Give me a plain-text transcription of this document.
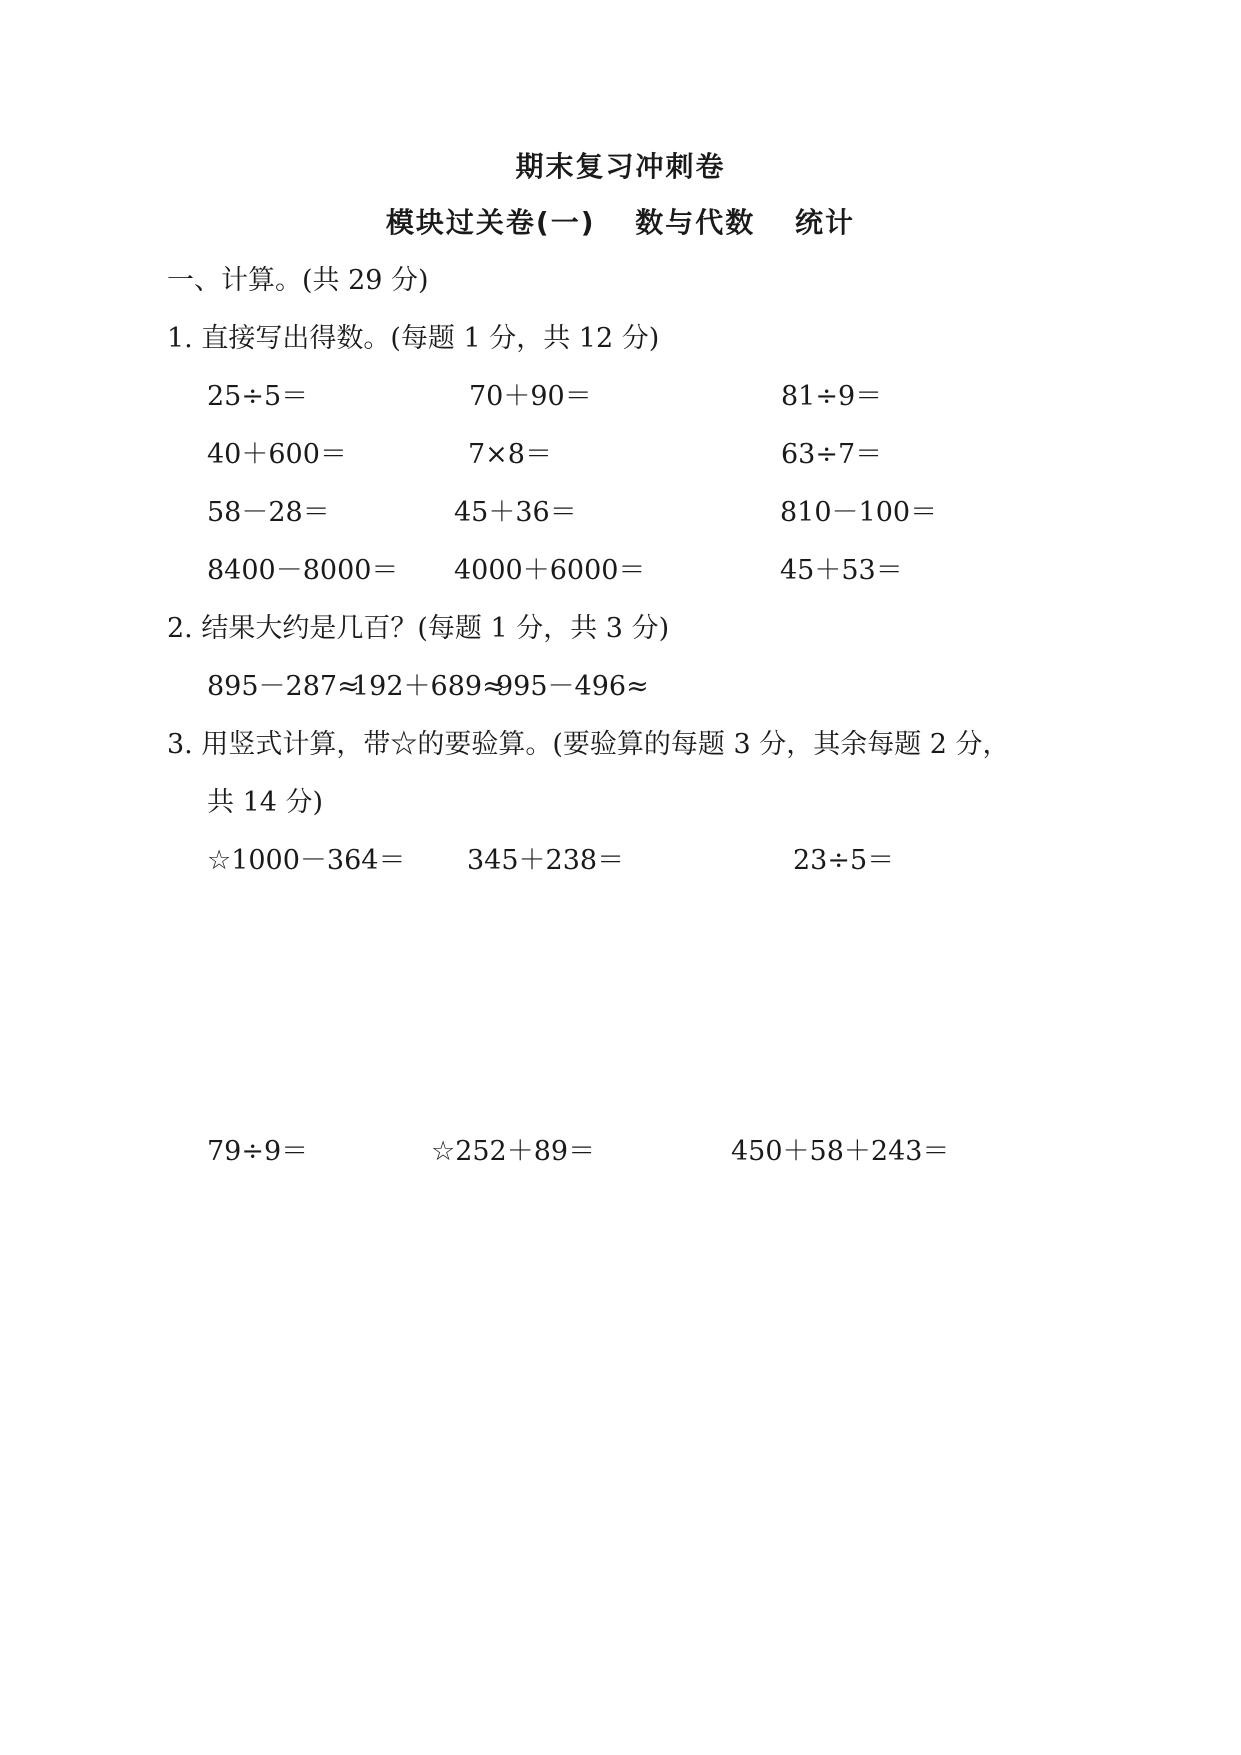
期末复习冲刺卷
模块过关卷(一) 数与代数 统计
一、计算。(共 29 分)
1. 直接写出得数。(每题 1 分，共 12 分)
25÷5＝	70＋90＝	81÷9＝
40＋600＝	7×8＝	63÷7＝
58－28＝	45＋36＝	810－100＝
8400－8000＝ 4000＋6000＝	45＋53＝
2. 结果大约是几百？(每题 1 分，共 3 分)
895－287≈
192＋689≈
995－496≈
3. 用竖式计算，带☆的要验算。(要验算的每题 3 分，其余每题 2 分，
共 14 分)
☆1000－364＝ 345＋238＝	23÷5＝
79÷9＝	☆252＋89＝	450＋58＋243＝
